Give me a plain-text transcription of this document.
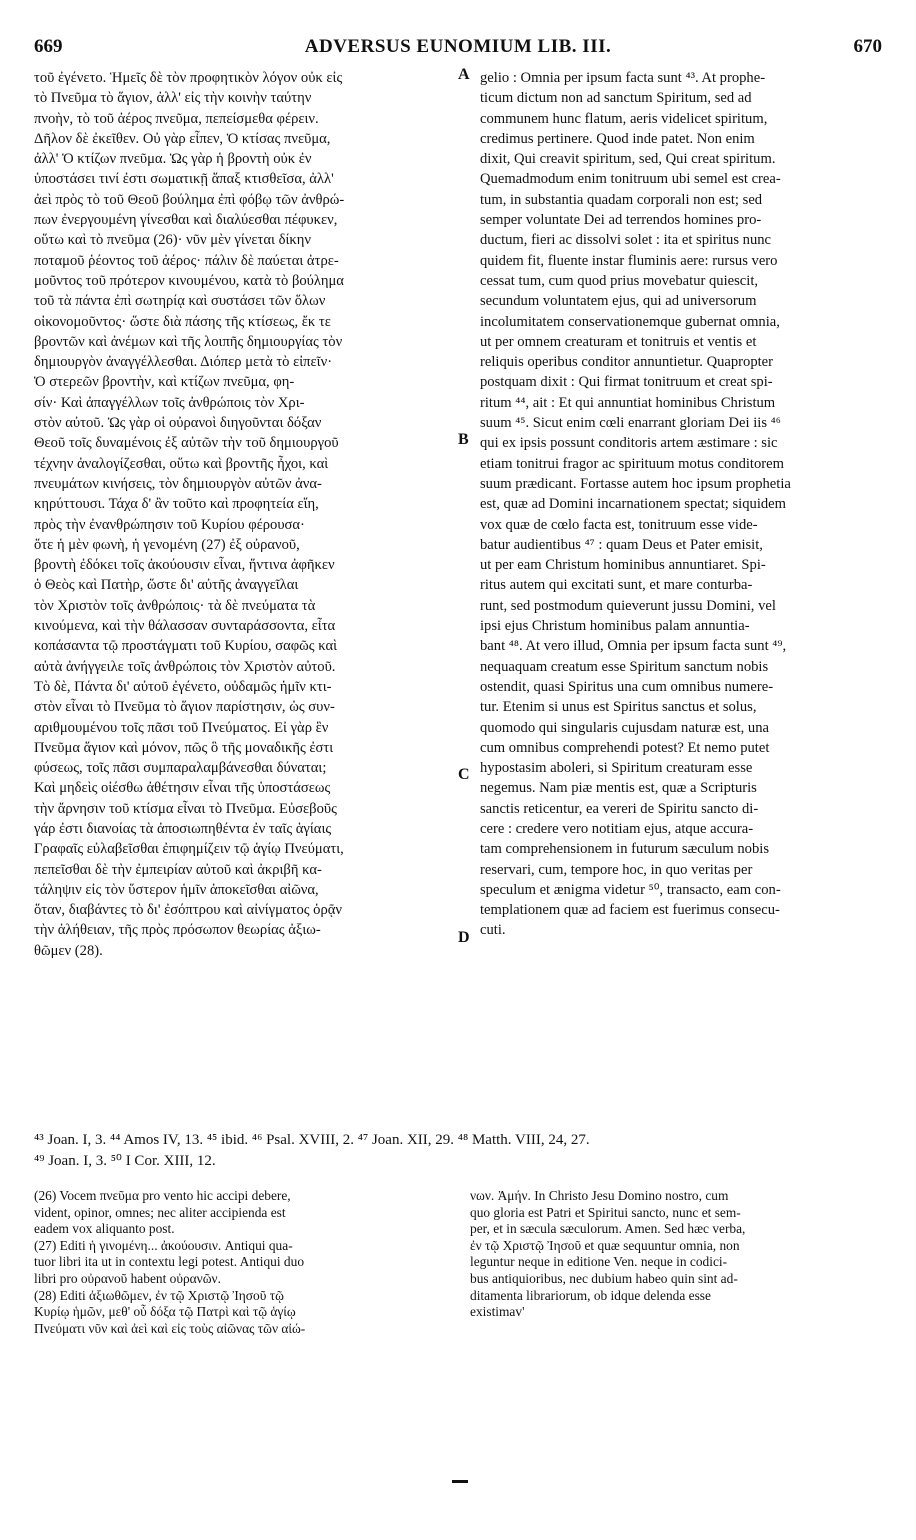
669	ADVERSUS EUNOMIUM LIB. III.	670
τοῦ ἐγένετο. Ἡμεῖς δὲ τὸν προφητικὸν λόγον οὐκ εἰς
τὸ Πνεῦμα τὸ ἅγιον, ἀλλ' εἰς τὴν κοινὴν ταύτην
πνοὴν, τὸ τοῦ ἀέρος πνεῦμα, πεπείσμεθα φέρειν.
Δῆλον δὲ ἐκεῖθεν. Οὐ γὰρ εἶπεν, Ὁ κτίσας πνεῦμα,
ἀλλ' Ὁ κτίζων πνεῦμα. Ὡς γὰρ ἡ βροντὴ οὐκ ἐν
ὑποστάσει τινί ἐστι σωματικῇ ἅπαξ κτισθεῖσα, ἀλλ'
ἀεὶ πρὸς τὸ τοῦ Θεοῦ βούλημα ἐπὶ φόβῳ τῶν ἀνθρώ-
πων ἐνεργουμένη γίνεσθαι καὶ διαλύεσθαι πέφυκεν,
οὕτω καὶ τὸ πνεῦμα (26)· νῦν μὲν γίνεται δίκην
ποταμοῦ ῥέοντος τοῦ ἀέρος· πάλιν δὲ παύεται ἀτρε-
μοῦντος τοῦ πρότερον κινουμένου, κατὰ τὸ βούλημα
τοῦ τὰ πάντα ἐπὶ σωτηρίᾳ καὶ συστάσει τῶν ὅλων
οἰκονομοῦντος· ὥστε διὰ πάσης τῆς κτίσεως, ἔκ τε
βροντῶν καὶ ἀνέμων καὶ τῆς λοιπῆς δημιουργίας τὸν
δημιουργὸν ἀναγγέλλεσθαι. Διόπερ μετὰ τὸ εἰπεῖν·
Ὁ στερεῶν βροντὴν, καὶ κτίζων πνεῦμα, φη-
σίν· Καὶ ἀπαγγέλλων τοῖς ἀνθρώποις τὸν Χρι-
στὸν αὐτοῦ. Ὡς γὰρ οἱ οὐρανοὶ διηγοῦνται δόξαν
Θεοῦ τοῖς δυναμένοις ἐξ αὐτῶν τὴν τοῦ δημιουργοῦ
τέχνην ἀναλογίζεσθαι, οὕτω καὶ βροντῆς ἦχοι, καὶ
πνευμάτων κινήσεις, τὸν δημιουργὸν αὐτῶν ἀνα-
κηρύττουσι. Τάχα δ' ἂν τοῦτο καὶ προφητεία εἴη,
πρὸς τὴν ἐνανθρώπησιν τοῦ Κυρίου φέρουσα·
ὅτε ἡ μὲν φωνὴ, ἡ γενομένη (27) ἐξ οὐρανοῦ,
βροντὴ ἐδόκει τοῖς ἀκούουσιν εἶναι, ἥντινα ἀφῆκεν
ὁ Θεὸς καὶ Πατὴρ, ὥστε δι' αὐτῆς ἀναγγεῖλαι
τὸν Χριστὸν τοῖς ἀνθρώποις· τὰ δὲ πνεύματα τὰ
κινούμενα, καὶ τὴν θάλασσαν συνταράσσοντα, εἶτα
κοπάσαντα τῷ προστάγματι τοῦ Κυρίου, σαφῶς καὶ
αὐτὰ ἀνήγγειλε τοῖς ἀνθρώποις τὸν Χριστὸν αὐτοῦ.
Τὸ δὲ, Πάντα δι' αὐτοῦ ἐγένετο, οὐδαμῶς ἡμῖν κτι-
στὸν εἶναι τὸ Πνεῦμα τὸ ἅγιον παρίστησιν, ὡς συν-
αριθμουμένου τοῖς πᾶσι τοῦ Πνεύματος. Εἰ γὰρ ἓν
Πνεῦμα ἅγιον καὶ μόνον, πῶς ὃ τῆς μοναδικῆς ἐστι
φύσεως, τοῖς πᾶσι συμπαραλαμβάνεσθαι δύναται;
Καὶ μηδεὶς οἰέσθω ἀθέτησιν εἶναι τῆς ὑποστάσεως
τὴν ἄρνησιν τοῦ κτίσμα εἶναι τὸ Πνεῦμα. Εὐσεβοῦς
γάρ ἐστι διανοίας τὰ ἀποσιωπηθέντα ἐν ταῖς ἁγίαις
Γραφαῖς εὐλαβεῖσθαι ἐπιφημίζειν τῷ ἁγίῳ Πνεύματι,
πεπεῖσθαι δὲ τὴν ἐμπειρίαν αὐτοῦ καὶ ἀκριβῆ κα-
τάληψιν εἰς τὸν ὕστερον ἡμῖν ἀποκεῖσθαι αἰῶνα,
ὅταν, διαβάντες τὸ δι' ἐσόπτρου καὶ αἰνίγματος ὁρᾷν
τὴν ἀλήθειαν, τῆς πρὸς πρόσωπον θεωρίας ἀξιω-
θῶμεν (28).
gelio : Omnia per ipsum facta sunt ⁴³. At prophe-
ticum dictum non ad sanctum Spiritum, sed ad
communem hunc flatum, aeris videlicet spiritum,
credimus pertinere. Quod inde patet. Non enim
dixit, Qui creavit spiritum, sed, Qui creat spiritum.
Quemadmodum enim tonitruum ubi semel est crea-
tum, in substantia quadam corporali non est; sed
semper voluntate Dei ad terrendos homines pro-
ductum, fieri ac dissolvi solet : ita et spiritus nunc
quidem fit, fluente instar fluminis aere: rursus vero
cessat tum, cum quod prius movebatur quiescit,
secundum voluntatem ejus, qui ad universorum
incolumitatem conservationemque gubernat omnia,
ut per omnem creaturam et tonitruis et ventis et
reliquis operibus conditor annuntietur. Quapropter
postquam dixit : Qui firmat tonitruum et creat spi-
ritum ⁴⁴, ait : Et qui annuntiat hominibus Christum
suum ⁴⁵. Sicut enim cœli enarrant gloriam Dei iis ⁴⁶
qui ex ipsis possunt conditoris artem æstimare : sic
etiam tonitrui fragor ac spirituum motus conditorem
suum prædicant. Fortasse autem hoc ipsum prophetia
est, quæ ad Domini incarnationem spectat; siquidem
vox quæ de cœlo facta est, tonitruum esse vide-
batur audientibus ⁴⁷ : quam Deus et Pater emisit,
ut per eam Christum hominibus annuntiaret. Spi-
ritus autem qui excitati sunt, et mare conturba-
runt, sed postmodum quieverunt jussu Domini, vel
ipsi ejus Christum hominibus palam annuntia-
bant ⁴⁸. At vero illud, Omnia per ipsum facta sunt ⁴⁹,
nequaquam creatum esse Spiritum sanctum nobis
ostendit, quasi Spiritus una cum omnibus numere-
tur. Etenim si unus est Spiritus sanctus et solus,
quomodo qui singularis cujusdam naturæ est, una
cum omnibus comprehendi potest? Et nemo putet
hypostasim aboleri, si Spiritum creaturam esse
negemus. Nam piæ mentis est, quæ a Scripturis
sanctis reticentur, ea vereri de Spiritu sancto di-
cere : credere vero notitiam ejus, atque accura-
tam comprehensionem in futurum sæculum nobis
reservari, cum, tempore hoc, in quo veritas per
speculum et ænigma videtur ⁵⁰, transacto, eam con-
templationem quæ ad faciem est fuerimus consecu-
cuti.
A
B
C
D
⁴³ Joan. I, 3. ⁴⁴ Amos IV, 13. ⁴⁵ ibid. ⁴⁶ Psal. XVIII, 2. ⁴⁷ Joan. XII, 29. ⁴⁸ Matth. VIII, 24, 27.
⁴⁹ Joan. I, 3. ⁵⁰ I Cor. XIII, 12.
(26) Vocem πνεῦμα pro vento hic accipi debere,
vident, opinor, omnes; nec aliter accipienda est
eadem vox aliquanto post.
(27) Editi ἡ γινομένη... ἀκούουσιν. Antiqui qua-
tuor libri ita ut in contextu legi potest. Antiqui duo
libri pro οὐρανοῦ habent οὐρανῶν.
(28) Editi ἀξιωθῶμεν, ἐν τῷ Χριστῷ Ἰησοῦ τῷ
Κυρίῳ ἡμῶν, μεθ' οὗ δόξα τῷ Πατρὶ καὶ τῷ ἁγίῳ
Πνεύματι νῦν καὶ ἀεὶ καὶ εἰς τοὺς αἰῶνας τῶν αἰώ-
νων. Ἀμήν. In Christo Jesu Domino nostro, cum
quo gloria est Patri et Spiritui sancto, nunc et sem-
per, et in sæcula sæculorum. Amen. Sed hæc verba,
ἐν τῷ Χριστῷ Ἰησοῦ et quæ sequuntur omnia, non
leguntur neque in editione Ven. neque in codici-
bus antiquioribus, nec dubium habeo quin sint ad-
ditamenta librariorum, ob idque delenda esse
existimav'
